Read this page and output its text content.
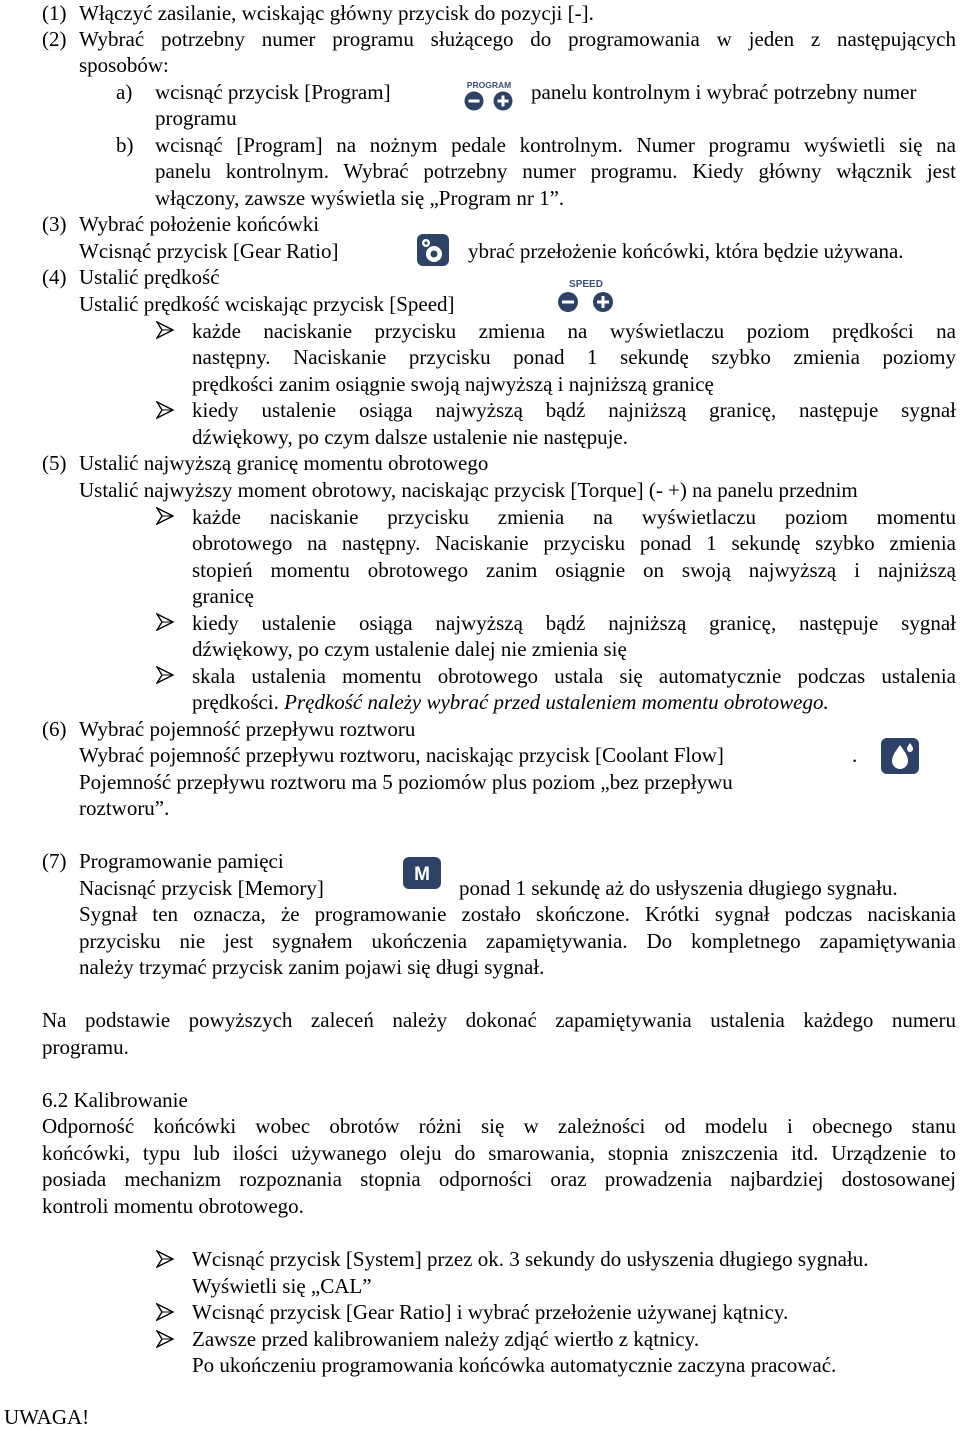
(1) Włączyć zasilanie, wciskając główny przycisk do pozycji [-].
(2) Wybrać potrzebny numer programu służącego do programowania w jeden z następujących
sposobów:
a) wcisnąć przycisk [Program]	PROGRAM panelu kontrolnym i wybrać potrzebny numer
programu
b) wcisnąć [Program] na nożnym pedale kontrolnym. Numer programu wyświetli się na
panelu kontrolnym. Wybrać potrzebny numer programu. Kiedy główny włącznik jest
włączony, zawsze wyświetla się „Program nr 1”.
(3) Wybrać położenie końcówki
Wcisnąć przycisk [Gear Ratio]	ybrać przełożenie końcówki, która będzie używana.
(4) Ustalić prędkość
Ustalić prędkość wciskając przycisk [Speed]
SPEED
każde naciskanie przycisku zmienıa na wyświetlaczu poziom prędkości na
następny. Naciskanie przycisku ponad 1 sekundę szybko zmienia poziomy
prędkości zanim osiągnie swoją najwyższą i najniższą granicę
kiedy ustalenie osiąga najwyższą bądź najniższą granicę, następuje sygnał
dźwiękowy, po czym dalsze ustalenie nie następuje.
(5) Ustalić najwyższą granicę momentu obrotowego
Ustalić najwyższy moment obrotowy, naciskając przycisk [Torque] (- +) na panelu przednim
każde naciskanie przycisku zmienia na wyświetlaczu poziom momentu
obrotowego na następny. Naciskanie przycisku ponad 1 sekundę szybko zmienia
stopień momentu obrotowego zanim osiągnie on swoją najwyższą i najniższą
granicę
kiedy ustalenie osiąga najwyższą bądź najniższą granicę, następuje sygnał
dźwiękowy, po czym ustalenie dalej nie zmienia się
skala ustalenia momentu obrotowego ustala się automatycznie podczas ustalenia
prędkości. Prędkość należy wybrać przed ustaleniem momentu obrotowego.
(6) Wybrać pojemność przepływu roztworu
Wybrać pojemność przepływu roztworu, naciskając przycisk [Coolant Flow]	.
Pojemność przepływu roztworu ma 5 poziomów plus poziom „bez przepływu
roztworu”.
(7) Programowanie pamięci
Nacisnąć przycisk [Memory]
M
ponad 1 sekundę aż do usłyszenia długiego sygnału.
Sygnał ten oznacza, że programowanie zostało skończone. Krótki sygnał podczas naciskania
przycisku nie jest sygnałem ukończenia zapamiętywania. Do kompletnego zapamiętywania
należy trzymać przycisk zanim pojawi się długi sygnał.
Na podstawie powyższych zaleceń należy dokonać zapamiętywania ustalenia każdego numeru
programu.
6.2 Kalibrowanie
Odporność końcówki wobec obrotów różni się w zależności od modelu i obecnego stanu
końcówki, typu lub ilości używanego oleju do smarowania, stopnia zniszczenia itd. Urządzenie to
posiada mechanizm rozpoznania stopnia odporności oraz prowadzenia najbardziej dostosowanej
kontroli momentu obrotowego.
Wcisnąć przycisk [System] przez ok. 3 sekundy do usłyszenia długiego sygnału.
Wyświetli się „CAL”
Wcisnąć przycisk [Gear Ratio] i wybrać przełożenie używanej kątnicy.
Zawsze przed kalibrowaniem należy zdjąć wiertło z kątnicy.
Po ukończeniu programowania końcówka automatycznie zaczyna pracować.
UWAGA!
